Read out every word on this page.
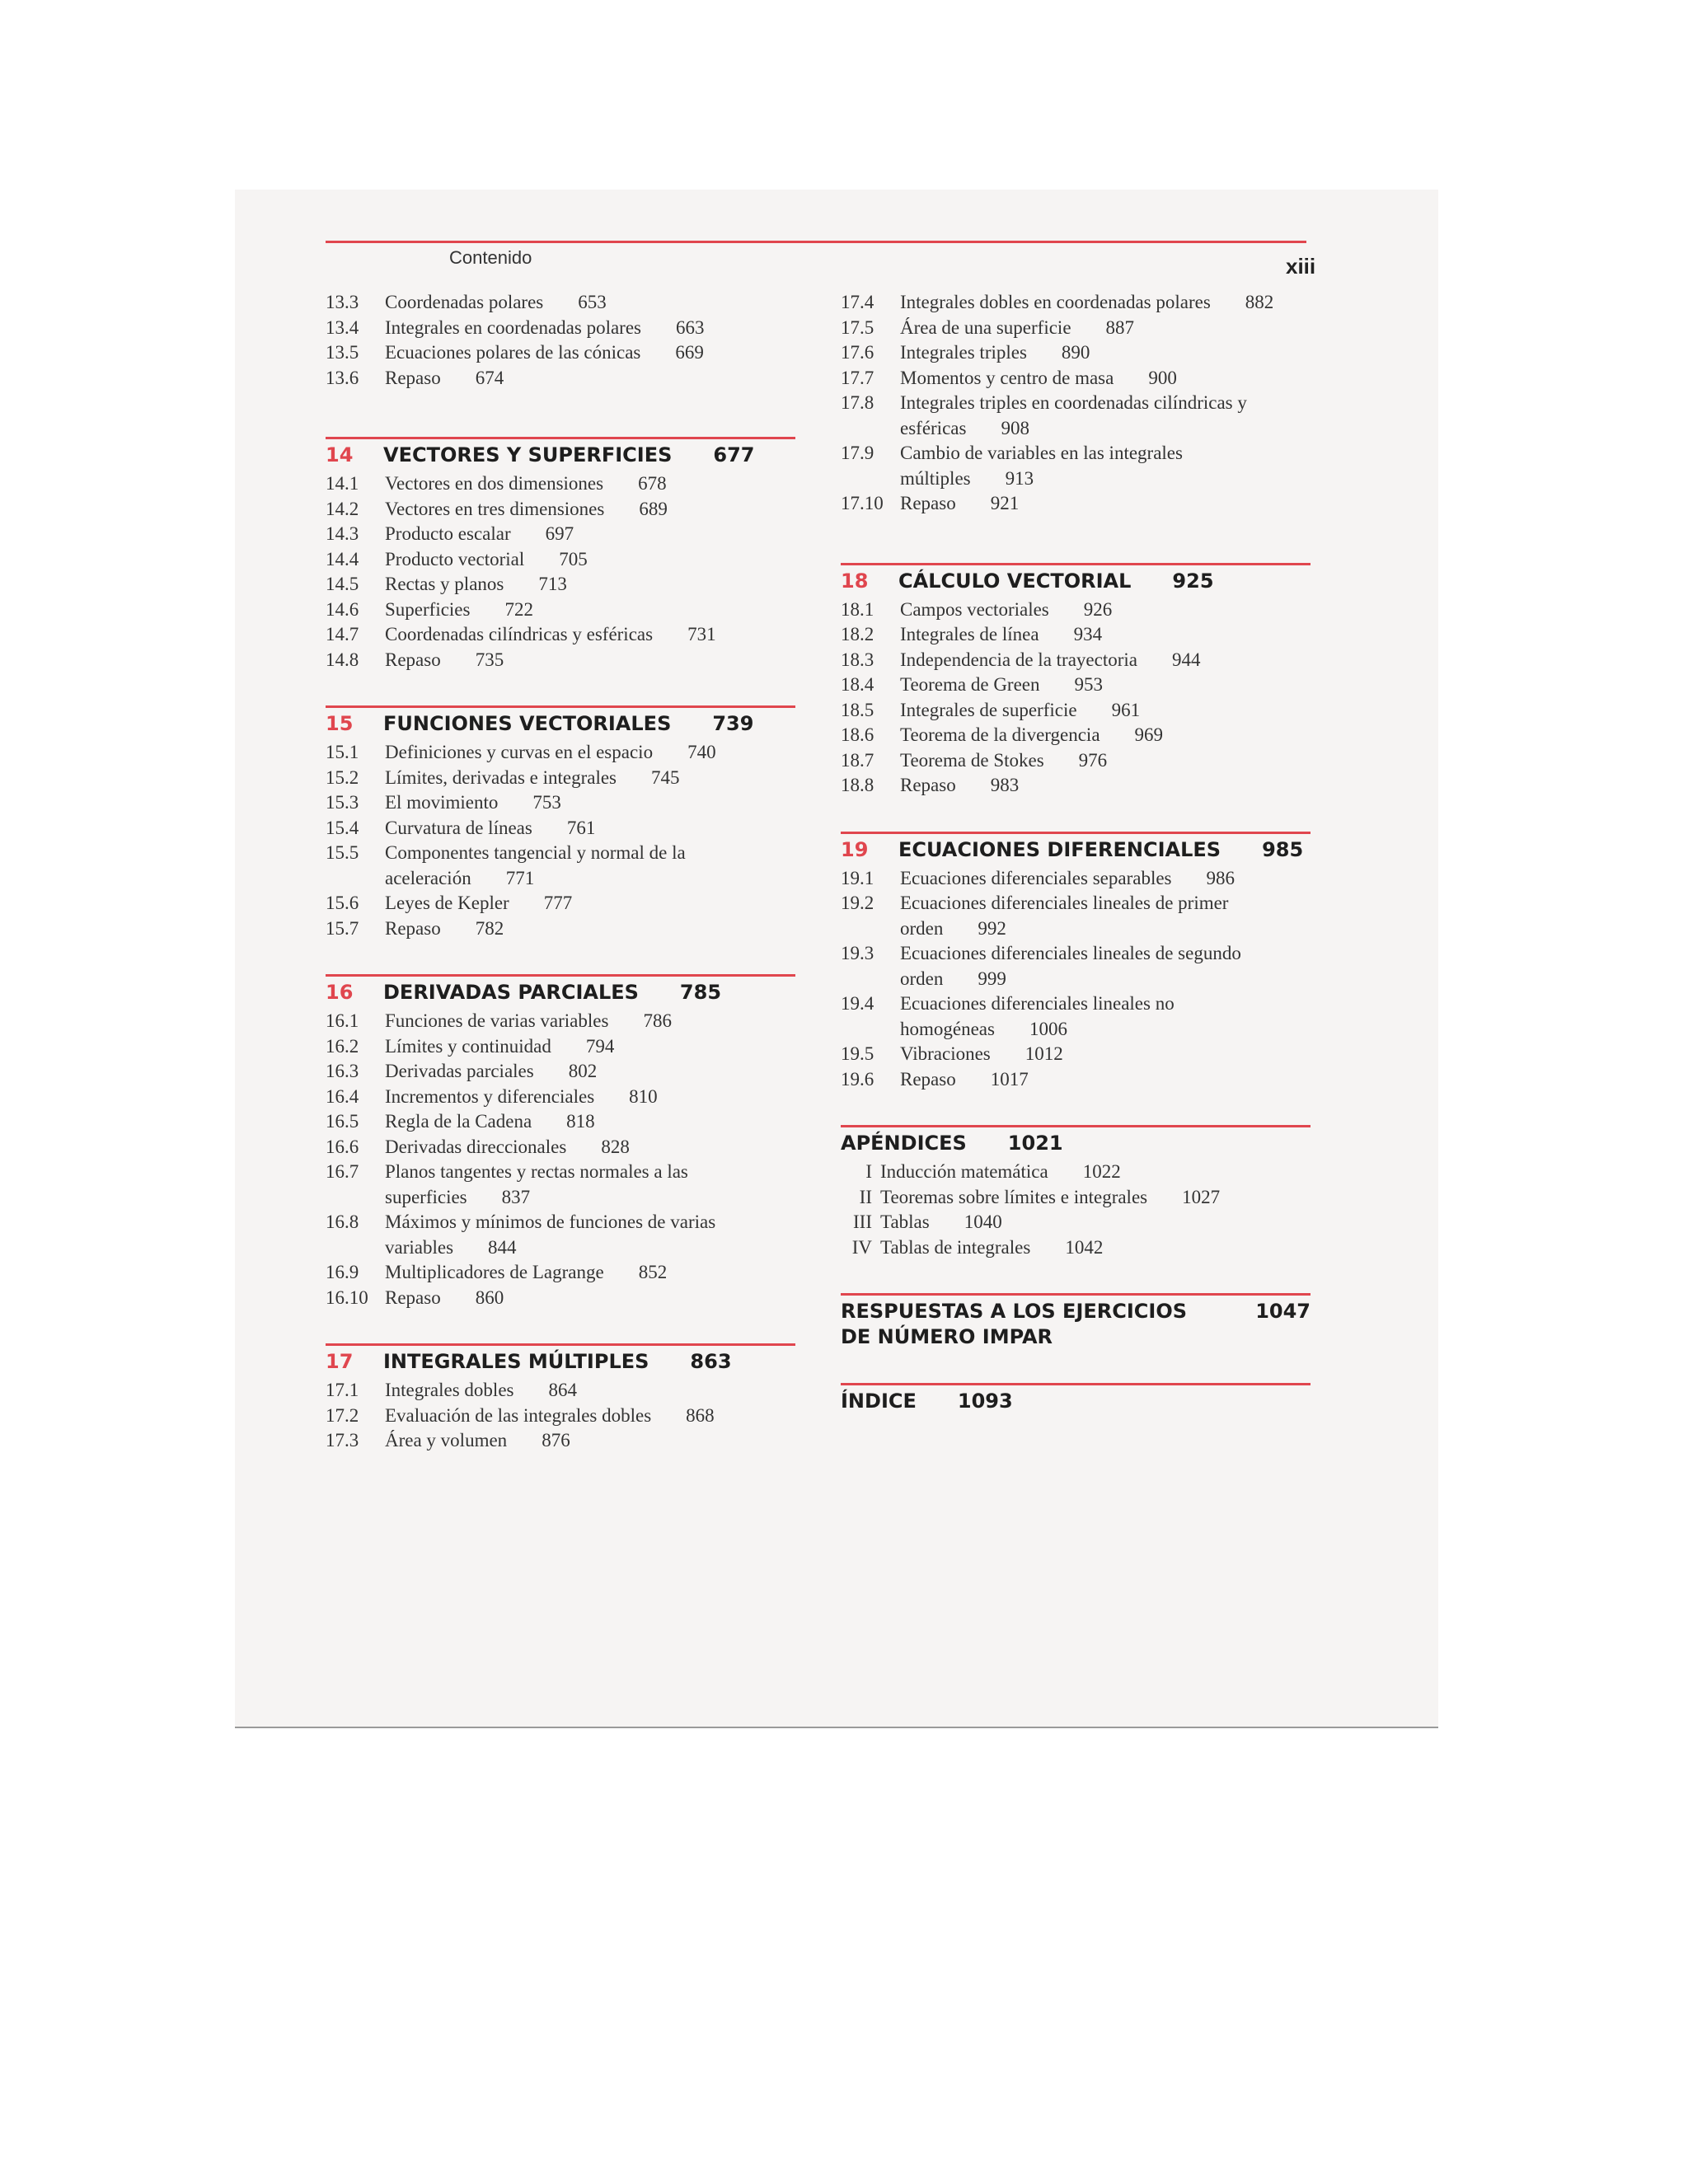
Contenido	xiii
13.3	Coordenadas polares 653
13.4	Integrales en coordenadas polares 663
13.5	Ecuaciones polares de las cónicas 669
13.6	Repaso 674
14	VECTORES Y SUPERFICIES 677
14.1	Vectores en dos dimensiones 678
14.2	Vectores en tres dimensiones 689
14.3	Producto escalar 697
14.4	Producto vectorial 705
14.5	Rectas y planos 713
14.6	Superficies 722
14.7	Coordenadas cilíndricas y esféricas 731
14.8	Repaso 735
15	FUNCIONES VECTORIALES 739
15.1	Definiciones y curvas en el espacio 740
15.2	Límites, derivadas e integrales 745
15.3	El movimiento 753
15.4	Curvatura de líneas 761
15.5	Componentes tangencial y normal de la aceleración 771
15.6	Leyes de Kepler 777
15.7	Repaso 782
16	DERIVADAS PARCIALES 785
16.1	Funciones de varias variables 786
16.2	Límites y continuidad 794
16.3	Derivadas parciales 802
16.4	Incrementos y diferenciales 810
16.5	Regla de la Cadena 818
16.6	Derivadas direccionales 828
16.7	Planos tangentes y rectas normales a las superficies 837
16.8	Máximos y mínimos de funciones de varias variables 844
16.9	Multiplicadores de Lagrange 852
16.10 Repaso 860
17	INTEGRALES MÚLTIPLES 863
17.1	Integrales dobles 864
17.2	Evaluación de las integrales dobles 868
17.3	Área y volumen 876
17.4	Integrales dobles en coordenadas polares 882
17.5	Área de una superficie 887
17.6	Integrales triples 890
17.7	Momentos y centro de masa 900
17.8	Integrales triples en coordenadas cilíndricas y esféricas 908
17.9	Cambio de variables en las integrales múltiples 913
17.10 Repaso 921
18	CÁLCULO VECTORIAL 925
18.1	Campos vectoriales 926
18.2	Integrales de línea 934
18.3	Independencia de la trayectoria 944
18.4	Teorema de Green 953
18.5	Integrales de superficie 961
18.6	Teorema de la divergencia 969
18.7	Teorema de Stokes 976
18.8	Repaso 983
19	ECUACIONES DIFERENCIALES 985
19.1	Ecuaciones diferenciales separables 986
19.2	Ecuaciones diferenciales lineales de primer orden 992
19.3	Ecuaciones diferenciales lineales de segundo orden 999
19.4	Ecuaciones diferenciales lineales no homogéneas 1006
19.5	Vibraciones 1012
19.6	Repaso 1017
APÉNDICES 1021
I Inducción matemática 1022
II Teoremas sobre límites e integrales 1027
III Tablas 1040
IV Tablas de integrales 1042
RESPUESTAS A LOS EJERCICIOS DE NÚMERO IMPAR
1047
ÍNDICE 1093
